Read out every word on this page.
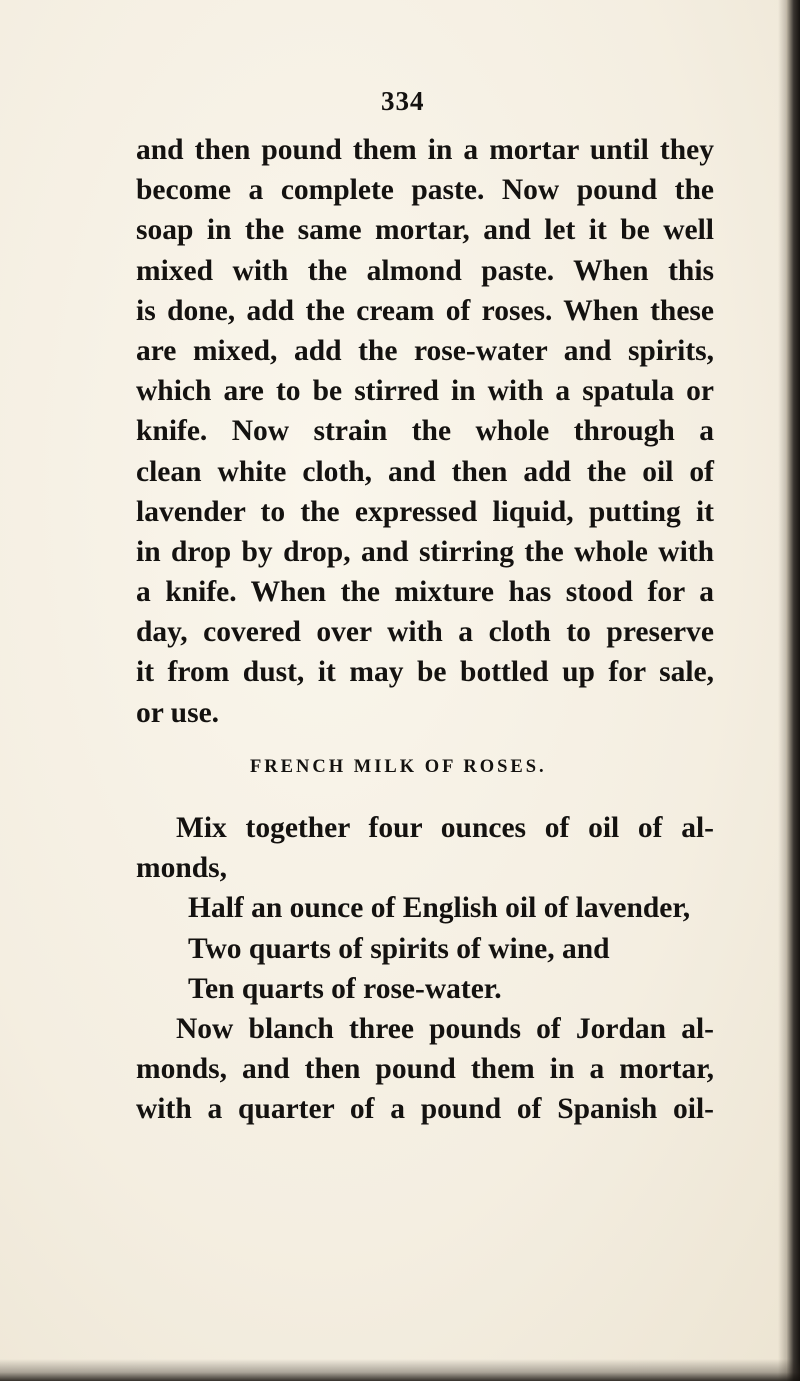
334
and then pound them in a mortar until they
become a complete paste. Now pound the
soap in the same mortar, and let it be well
mixed with the almond paste. When this
is done, add the cream of roses. When these
are mixed, add the rose-water and spirits,
which are to be stirred in with a spatula or
knife. Now strain the whole through a
clean white cloth, and then add the oil of
lavender to the expressed liquid, putting it
in drop by drop, and stirring the whole with
a knife. When the mixture has stood for a
day, covered over with a cloth to preserve
it from dust, it may be bottled up for sale,
or use.
FRENCH MILK OF ROSES.
Mix together four ounces of oil of al-
monds,
Half an ounce of English oil of lavender,
Two quarts of spirits of wine, and
Ten quarts of rose-water.
Now blanch three pounds of Jordan al-
monds, and then pound them in a mortar,
with a quarter of a pound of Spanish oil-
